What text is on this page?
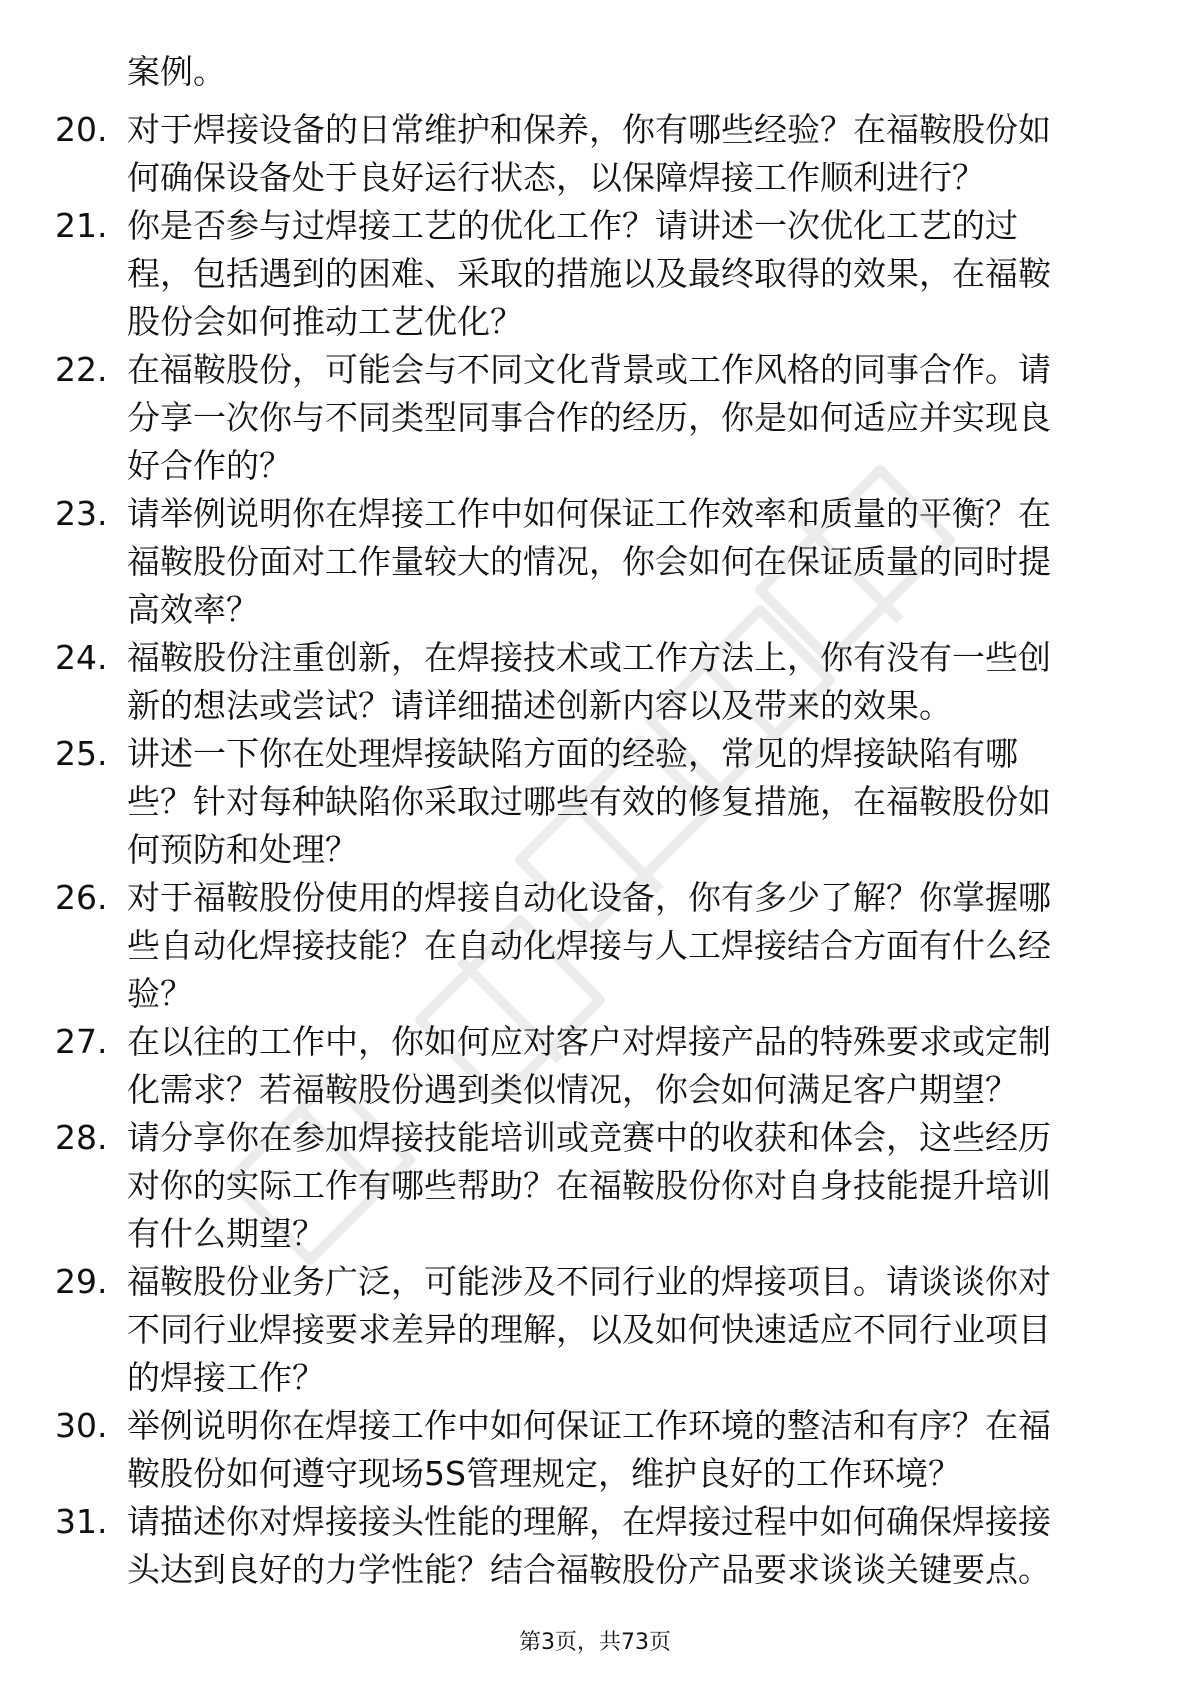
案例。
20. 对于焊接设备的日常维护和保养，你有哪些经验？在福鞍股份如
何确保设备处于良好运行状态，以保障焊接工作顺利进行？
21. 你是否参与过焊接工艺的优化工作？请讲述一次优化工艺的过
程，包括遇到的困难、采取的措施以及最终取得的效果，在福鞍
股份会如何推动工艺优化？
22. 在福鞍股份，可能会与不同文化背景或工作风格的同事合作。请
分享一次你与不同类型同事合作的经历，你是如何适应并实现良
好合作的？
23. 请举例说明你在焊接工作中如何保证工作效率和质量的平衡？在
福鞍股份面对工作量较大的情况，你会如何在保证质量的同时提
高效率？
24. 福鞍股份注重创新，在焊接技术或工作方法上，你有没有一些创
新的想法或尝试？请详细描述创新内容以及带来的效果。
25. 讲述一下你在处理焊接缺陷方面的经验，常见的焊接缺陷有哪
些？针对每种缺陷你采取过哪些有效的修复措施，在福鞍股份如
何预防和处理？
26. 对于福鞍股份使用的焊接自动化设备，你有多少了解？你掌握哪
些自动化焊接技能？在自动化焊接与人工焊接结合方面有什么经
验？
27. 在以往的工作中，你如何应对客户对焊接产品的特殊要求或定制
化需求？若福鞍股份遇到类似情况，你会如何满足客户期望？
28. 请分享你在参加焊接技能培训或竞赛中的收获和体会，这些经历
对你的实际工作有哪些帮助？在福鞍股份你对自身技能提升培训
有什么期望？
29. 福鞍股份业务广泛，可能涉及不同行业的焊接项目。请谈谈你对
不同行业焊接要求差异的理解，以及如何快速适应不同行业项目
的焊接工作？
30. 举例说明你在焊接工作中如何保证工作环境的整洁和有序？在福
鞍股份如何遵守现场5S管理规定，维护良好的工作环境？
31. 请描述你对焊接接头性能的理解，在焊接过程中如何确保焊接接
头达到良好的力学性能？结合福鞍股份产品要求谈谈关键要点。
第3页，共73页
